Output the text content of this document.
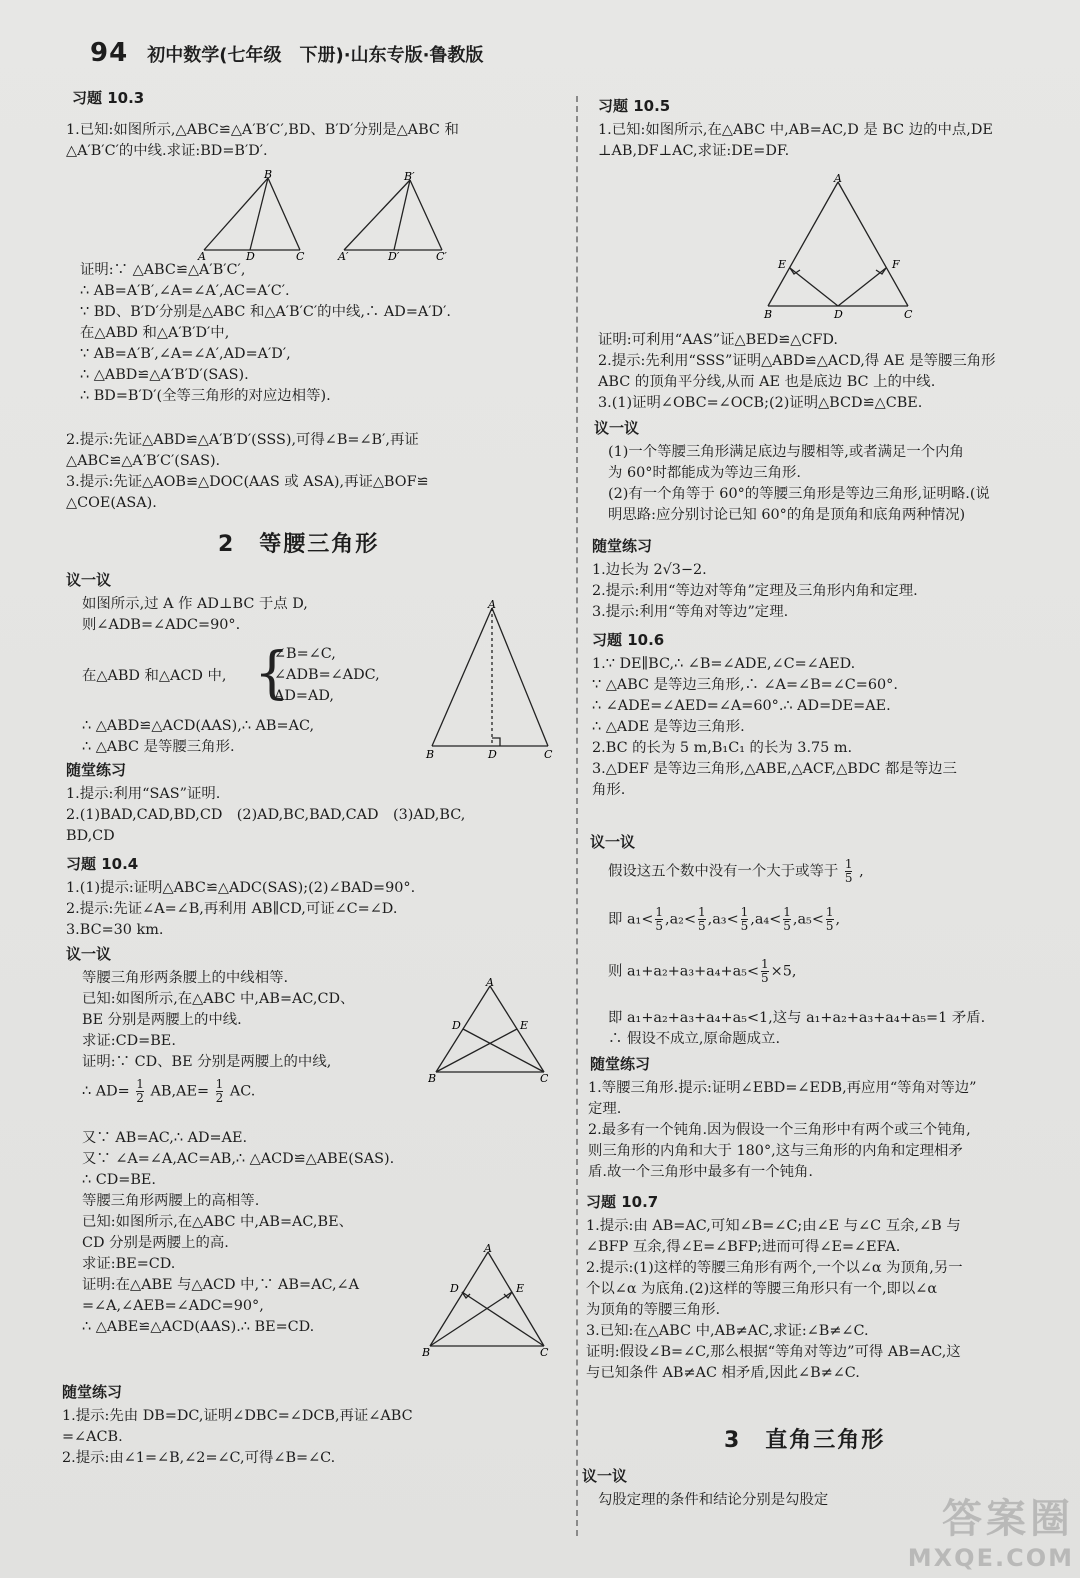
94 初中数学(七年级　下册)·山东专版·鲁教版
习题 10.3
1.已知:如图所示,△ABC≌△A′B′C′,BD、B′D′分别是△ABC 和
△A′B′C′的中线.求证:BD=B′D′.
A
B
C
D	A′
B′
C′
D′
证明:∵ △ABC≌△A′B′C′,
∴ AB=A′B′,∠A=∠A′,AC=A′C′.
∵ BD、B′D′分别是△ABC 和△A′B′C′的中线,∴ AD=A′D′.
在△ABD 和△A′B′D′中,
∵ AB=A′B′,∠A=∠A′,AD=A′D′,
∴ △ABD≌△A′B′D′(SAS).
∴ BD=B′D′(全等三角形的对应边相等).
2.提示:先证△ABD≌△A′B′D′(SSS),可得∠B=∠B′,再证
△ABC≌△A′B′C′(SAS).
3.提示:先证△AOB≌△DOC(AAS 或 ASA),再证△BOF≌
△COE(ASA).
2　等腰三角形
议一议
如图所示,过 A 作 AD⊥BC 于点 D,
则∠ADB=∠ADC=90°.
在△ABD 和△ACD 中, {
∠B=∠C,
∠ADB=∠ADC,
AD=AD,
∴ △ABD≌△ACD(AAS),∴ AB=AC,
∴ △ABC 是等腰三角形.
A
B	C
D
随堂练习
1.提示:利用“SAS”证明.
2.(1)BAD,CAD,BD,CD　(2)AD,BC,BAD,CAD　(3)AD,BC,
BD,CD
习题 10.4
1.(1)提示:证明△ABC≌△ADC(SAS);(2)∠BAD=90°.
2.提示:先证∠A=∠B,再利用 AB∥CD,可证∠C=∠D.
3.BC=30 km.
议一议
等腰三角形两条腰上的中线相等.
已知:如图所示,在△ABC 中,AB=AC,CD、
BE 分别是两腰上的中线.
求证:CD=BE.
证明:∵ CD、BE 分别是两腰上的中线,
A
B	C
D	E
∴ $AD= \frac{1}{2} AB,AE= \frac{1}{2}$ AC.
又∵ AB=AC,∴ AD=AE.
又∵ ∠A=∠A,AC=AB,∴ △ACD≌△ABE(SAS).
∴ CD=BE.
等腰三角形两腰上的高相等.
已知:如图所示,在△ABC 中,AB=AC,BE、
CD 分别是两腰上的高.
求证:BE=CD.
证明:在△ABE 与△ACD 中,∵ AB=AC,∠A
=∠A,∠AEB=∠ADC=90°,
∴ △ABE≌△ACD(AAS).∴ BE=CD.
A
B	C
D	E
随堂练习
1.提示:先由 DB=DC,证明∠DBC=∠DCB,再证∠ABC
=∠ACB.
2.提示:由∠1=∠B,∠2=∠C,可得∠B=∠C.
习题 10.5
1.已知:如图所示,在△ABC 中,AB=AC,D 是 BC 边的中点,DE
⊥AB,DF⊥AC,求证:DE=DF.
A
B	C
D
E	F
证明:可利用“AAS”证△BED≌△CFD.
2.提示:先利用“SSS”证明△ABD≌△ACD,得 AE 是等腰三角形
ABC 的顶角平分线,从而 AE 也是底边 BC 上的中线.
3.(1)证明∠OBC=∠OCB;(2)证明△BCD≌△CBE.
议一议
(1)一个等腰三角形满足底边与腰相等,或者满足一个内角
为 60°时都能成为等边三角形.
(2)有一个角等于 60°的等腰三角形是等边三角形,证明略.(说
明思路:应分别讨论已知 60°的角是顶角和底角两种情况)
随堂练习
1.边长为 2√3−2.
2.提示:利用“等边对等角”定理及三角形内角和定理.
3.提示:利用“等角对等边”定理.
习题 10.6
1.∵ DE∥BC,∴ ∠B=∠ADE,∠C=∠AED.
∵ △ABC 是等边三角形,∴ ∠A=∠B=∠C=60°.
∴ ∠ADE=∠AED=∠A=60°.∴ AD=DE=AE.
∴ △ADE 是等边三角形.
2.BC 的长为 5 m,B₁C₁ 的长为 3.75 m.
3.△DEF 是等边三角形,△ABE,△ACF,△BDC 都是等边三
角形.
议一议
假设这五个数中没有一个大于或等于 $\frac{1}{5}$ ,
即 $a_1< \frac{1}{5} ,a_2< \frac{1}{5} ,a_3< \frac{1}{5} ,a_4< \frac{1}{5} ,a_5< \frac{1}{5}$ ,
则 $a_1+a_2+a_3+a_4+a_5< \frac{1}{5} \times 5$,
即 a₁+a₂+a₃+a₄+a₅<1,这与 a₁+a₂+a₃+a₄+a₅=1 矛盾.
∴ 假设不成立,原命题成立.
随堂练习
1.等腰三角形.提示:证明∠EBD=∠EDB,再应用“等角对等边”
定理.
2.最多有一个钝角.因为假设一个三角形中有两个或三个钝角,
则三角形的内角和大于 180°,这与三角形的内角和定理相矛
盾.故一个三角形中最多有一个钝角.
习题 10.7
1.提示:由 AB=AC,可知∠B=∠C;由∠E 与∠C 互余,∠B 与
∠BFP 互余,得∠E=∠BFP;进而可得∠E=∠EFA.
2.提示:(1)这样的等腰三角形有两个,一个以∠α 为顶角,另一
个以∠α 为底角.(2)这样的等腰三角形只有一个,即以∠α
为顶角的等腰三角形.
3.已知:在△ABC 中,AB≠AC,求证:∠B≠∠C.
证明:假设∠B=∠C,那么根据“等角对等边”可得 AB=AC,这
与已知条件 AB≠AC 相矛盾,因此∠B≠∠C.
3　直角三角形
议一议
勾股定理的条件和结论分别是勾股定	答案圈
MXQE.COM
